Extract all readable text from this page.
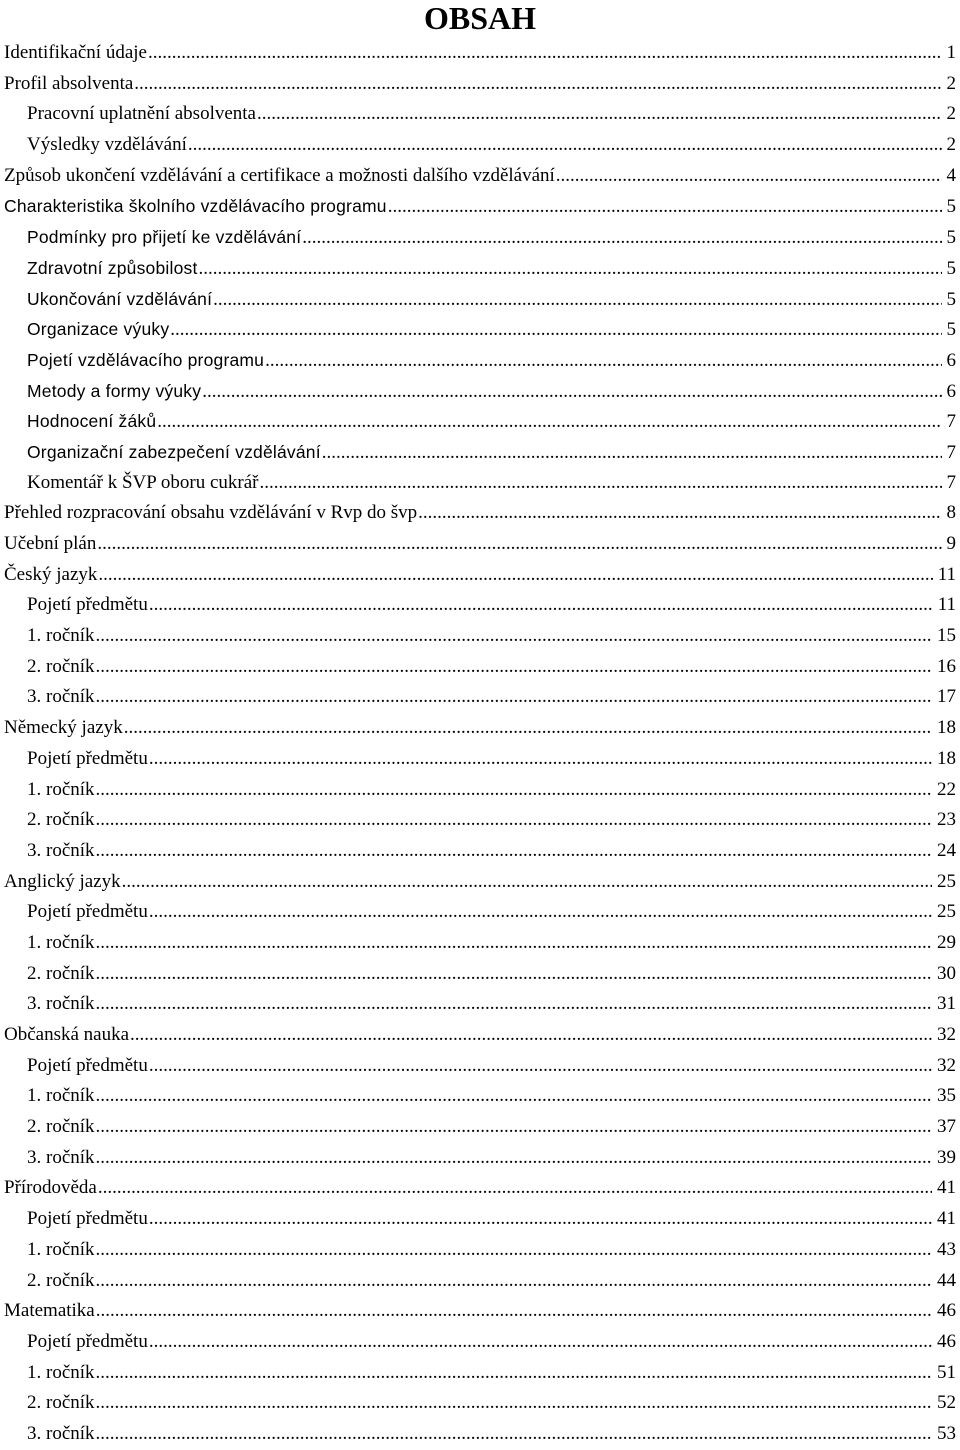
OBSAH
Identifikační údaje .....	1
Profil absolventa .....	2
Pracovní uplatnění absolventa .....	2
Výsledky vzdělávání .....	2
Způsob ukončení vzdělávání a certifikace a možnosti dalšího vzdělávání .....	4
Charakteristika školního vzdělávacího programu .....	5
Podmínky pro přijetí ke vzdělávání .....	5
Zdravotní způsobilost .....	5
Ukončování vzdělávání .....	5
Organizace výuky .....	5
Pojetí vzdělávacího programu .....	6
Metody a formy výuky .....	6
Hodnocení žáků .....	7
Organizační zabezpečení vzdělávání .....	7
Komentář k ŠVP oboru cukrář .....	7
Přehled rozpracování obsahu vzdělávání v Rvp do švp .....	8
Učební plán .....	9
Český jazyk .....	11
Pojetí předmětu .....	11
1. ročník .....	15
2. ročník .....	16
3. ročník .....	17
Německý jazyk .....	18
Pojetí předmětu .....	18
1. ročník .....	22
2. ročník .....	23
3. ročník .....	24
Anglický jazyk .....	25
Pojetí předmětu .....	25
1. ročník .....	29
2. ročník .....	30
3. ročník .....	31
Občanská nauka .....	32
Pojetí předmětu .....	32
1. ročník .....	35
2. ročník .....	37
3. ročník .....	39
Přírodověda .....	41
Pojetí předmětu .....	41
1. ročník .....	43
2. ročník .....	44
Matematika .....	46
Pojetí předmětu .....	46
1. ročník .....	51
2. ročník .....	52
3. ročník .....	53
